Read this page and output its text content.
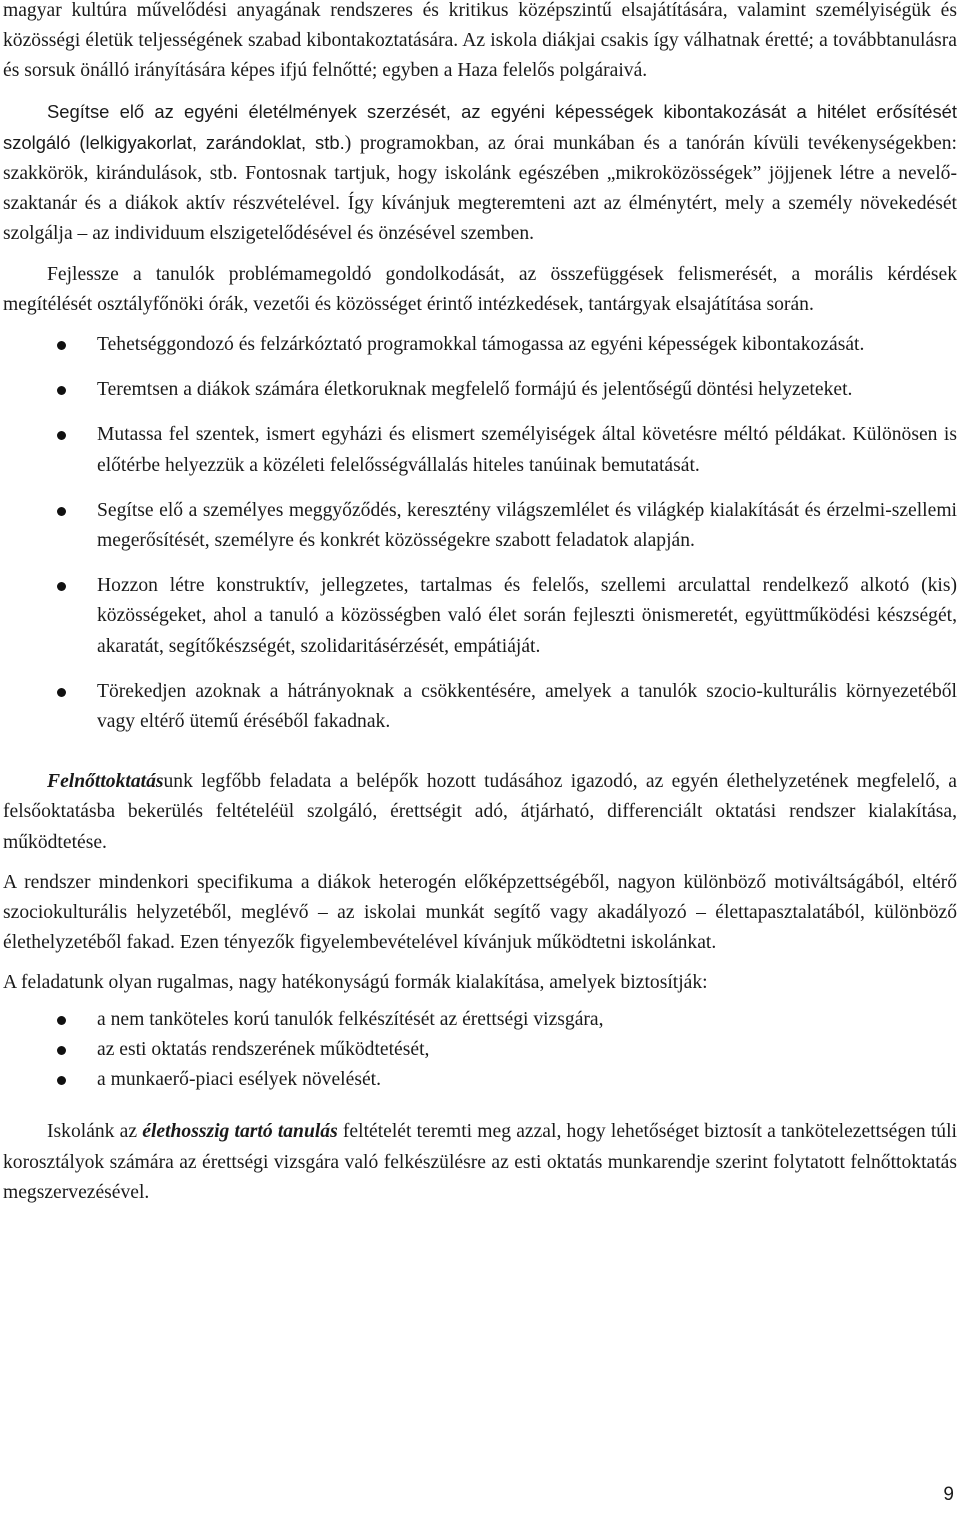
magyar kultúra művelődési anyagának rendszeres és kritikus középszintű elsajátítására, valamint személyiségük és közösségi életük teljességének szabad kibontakoztatására. Az iskola diákjai csakis így válhatnak éretté; a továbbtanulásra és sorsuk önálló irányítására képes ifjú felnőtté; egyben a Haza felelős polgáraivá.

Segítse elő az egyéni életélmények szerzését, az egyéni képességek kibontakozását a hitélet erősítését szolgáló (lelkigyakorlat, zarándoklat, stb.) programokban, az órai munkában és a tanórán kívüli tevékenységekben: szakkörök, kirándulások, stb. Fontosnak tartjuk, hogy iskolánk egészében „mikroközösségek” jöjjenek létre a nevelő-szaktanár és a diákok aktív részvételével. Így kívánjuk megteremteni azt az élménytért, mely a személy növekedését szolgálja – az individuum elszigetelődésével és önzésével szemben.

Fejlessze a tanulók problémamegoldó gondolkodását, az összefüggések felismerését, a morális kérdések megítélését osztályfőnöki órák, vezetői és közösséget érintő intézkedések, tantárgyak elsajátítása során.

Tehetséggondozó és felzárkóztató programokkal támogassa az egyéni képességek kibontakozását.
Teremtsen a diákok számára életkoruknak megfelelő formájú és jelentőségű döntési helyzeteket.
Mutassa fel szentek, ismert egyházi és elismert személyiségek által követésre méltó példákat. Különösen is előtérbe helyezzük a közéleti felelősségvállalás hiteles tanúinak bemutatását.
Segítse elő a személyes meggyőződés, keresztény világszemlélet és világkép kialakítását és érzelmi-szellemi megerősítését, személyre és konkrét közösségekre szabott feladatok alapján.
Hozzon létre konstruktív, jellegzetes, tartalmas és felelős, szellemi arculattal rendelkező alkotó (kis) közösségeket, ahol a tanuló a közösségben való élet során fejleszti önismeretét, együttműködési készségét, akaratát, segítőkészségét, szolidaritásérzését, empátiáját.
Törekedjen azoknak a hátrányoknak a csökkentésére, amelyek a tanulók szocio-kulturális környezetéből vagy eltérő ütemű éréséből fakadnak.

Felnőttoktatásunk legfőbb feladata a belépők hozott tudásához igazodó, az egyén élethelyzetének megfelelő, a felsőoktatásba bekerülés feltételéül szolgáló, érettségit adó, átjárható, differenciált oktatási rendszer kialakítása, működtetése.

A rendszer mindenkori specifikuma a diákok heterogén előképzettségéből, nagyon különböző motiváltságából, eltérő szociokulturális helyzetéből, meglévő – az iskolai munkát segítő vagy akadályozó – élettapasztalatából, különböző élethelyzetéből fakad. Ezen tényezők figyelembevételével kívánjuk működtetni iskolánkat.

A feladatunk olyan rugalmas, nagy hatékonyságú formák kialakítása, amelyek biztosítják:

a nem tanköteles korú tanulók felkészítését az érettségi vizsgára,
az esti oktatás rendszerének működtetését,
a munkaerő-piaci esélyek növelését.

Iskolánk az élethosszig tartó tanulás feltételét teremti meg azzal, hogy lehetőséget biztosít a tankötelezettségen túli korosztályok számára az érettségi vizsgára való felkészülésre az esti oktatás munkarendje szerint folytatott felnőttoktatás megszervezésével.

9
